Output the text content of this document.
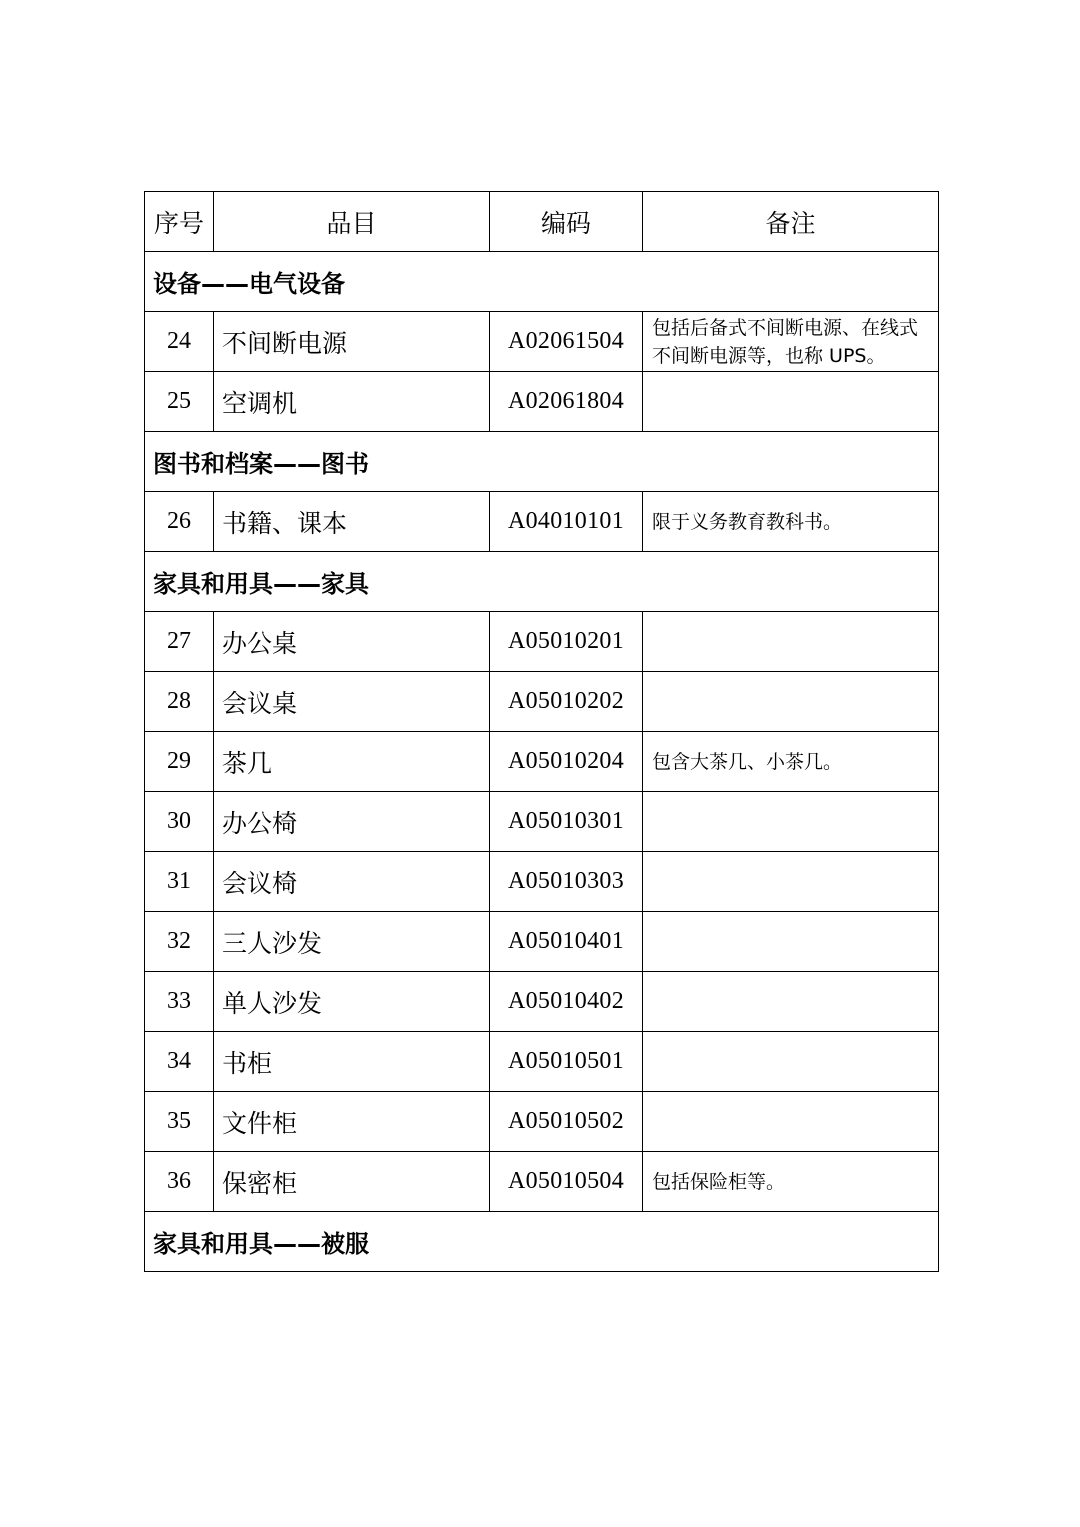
序号	品目	编码	备注
设备——电气设备			
24	不间断电源	A02061504	包括后备式不间断电源、在线式不间断电源等，也称 UPS。
25	空调机	A02061804	
图书和档案——图书			
26	书籍、课本	A04010101	限于义务教育教科书。
家具和用具——家具			
27	办公桌	A05010201	
28	会议桌	A05010202	
29	茶几	A05010204	包含大茶几、小茶几。
30	办公椅	A05010301	
31	会议椅	A05010303	
32	三人沙发	A05010401	
33	单人沙发	A05010402	
34	书柜	A05010501	
35	文件柜	A05010502	
36	保密柜	A05010504	包括保险柜等。
家具和用具——被服			
